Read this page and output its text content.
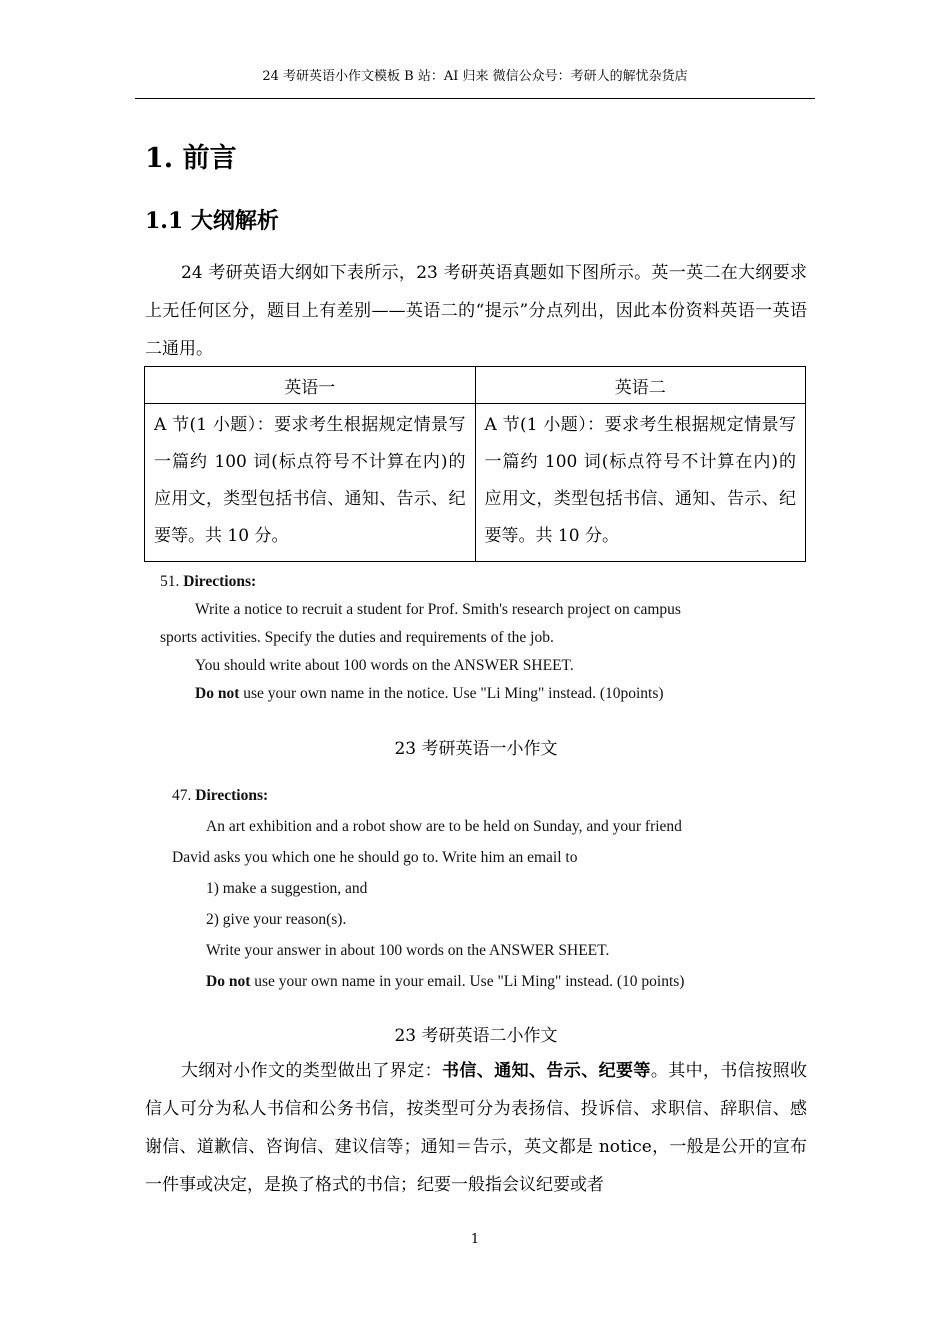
24 考研英语小作文模板 B 站：AI 归来 微信公众号：考研人的解忧杂货店
1. 前言
1.1 大纲解析

24 考研英语大纲如下表所示，23 考研英语真题如下图所示。英一英二在大纲要求上无任何区分，题目上有差别——英语二的“提示”分点列出，因此本份资料英语一英语二通用。

英语一	英语二
A 节(1 小题）：要求考生根据规定情景写一篇约 100 词(标点符号不计算在内)的应用文，类型包括书信、通知、告示、纪要等。共 10 分。	A 节(1 小题）：要求考生根据规定情景写一篇约 100 词(标点符号不计算在内)的应用文，类型包括书信、通知、告示、纪要等。共 10 分。

51. Directions:

Write a notice to recruit a student for Prof. Smith's research project on campus

sports activities. Specify the duties and requirements of the job.

You should write about 100 words on the ANSWER SHEET.

Do not use your own name in the notice. Use "Li Ming" instead. (10points)

23 考研英语一小作文

47. Directions:

An art exhibition and a robot show are to be held on Sunday, and your friend

David asks you which one he should go to. Write him an email to

1) make a suggestion, and

2) give your reason(s).

Write your answer in about 100 words on the ANSWER SHEET.

Do not use your own name in your email. Use "Li Ming" instead. (10 points)

23 考研英语二小作文

大纲对小作文的类型做出了界定：书信、通知、告示、纪要等。其中，书信按照收信人可分为私人书信和公务书信，按类型可分为表扬信、投诉信、求职信、辞职信、感谢信、道歉信、咨询信、建议信等；通知＝告示，英文都是 notice，一般是公开的宣布一件事或决定，是换了格式的书信；纪要一般指会议纪要或者

1
